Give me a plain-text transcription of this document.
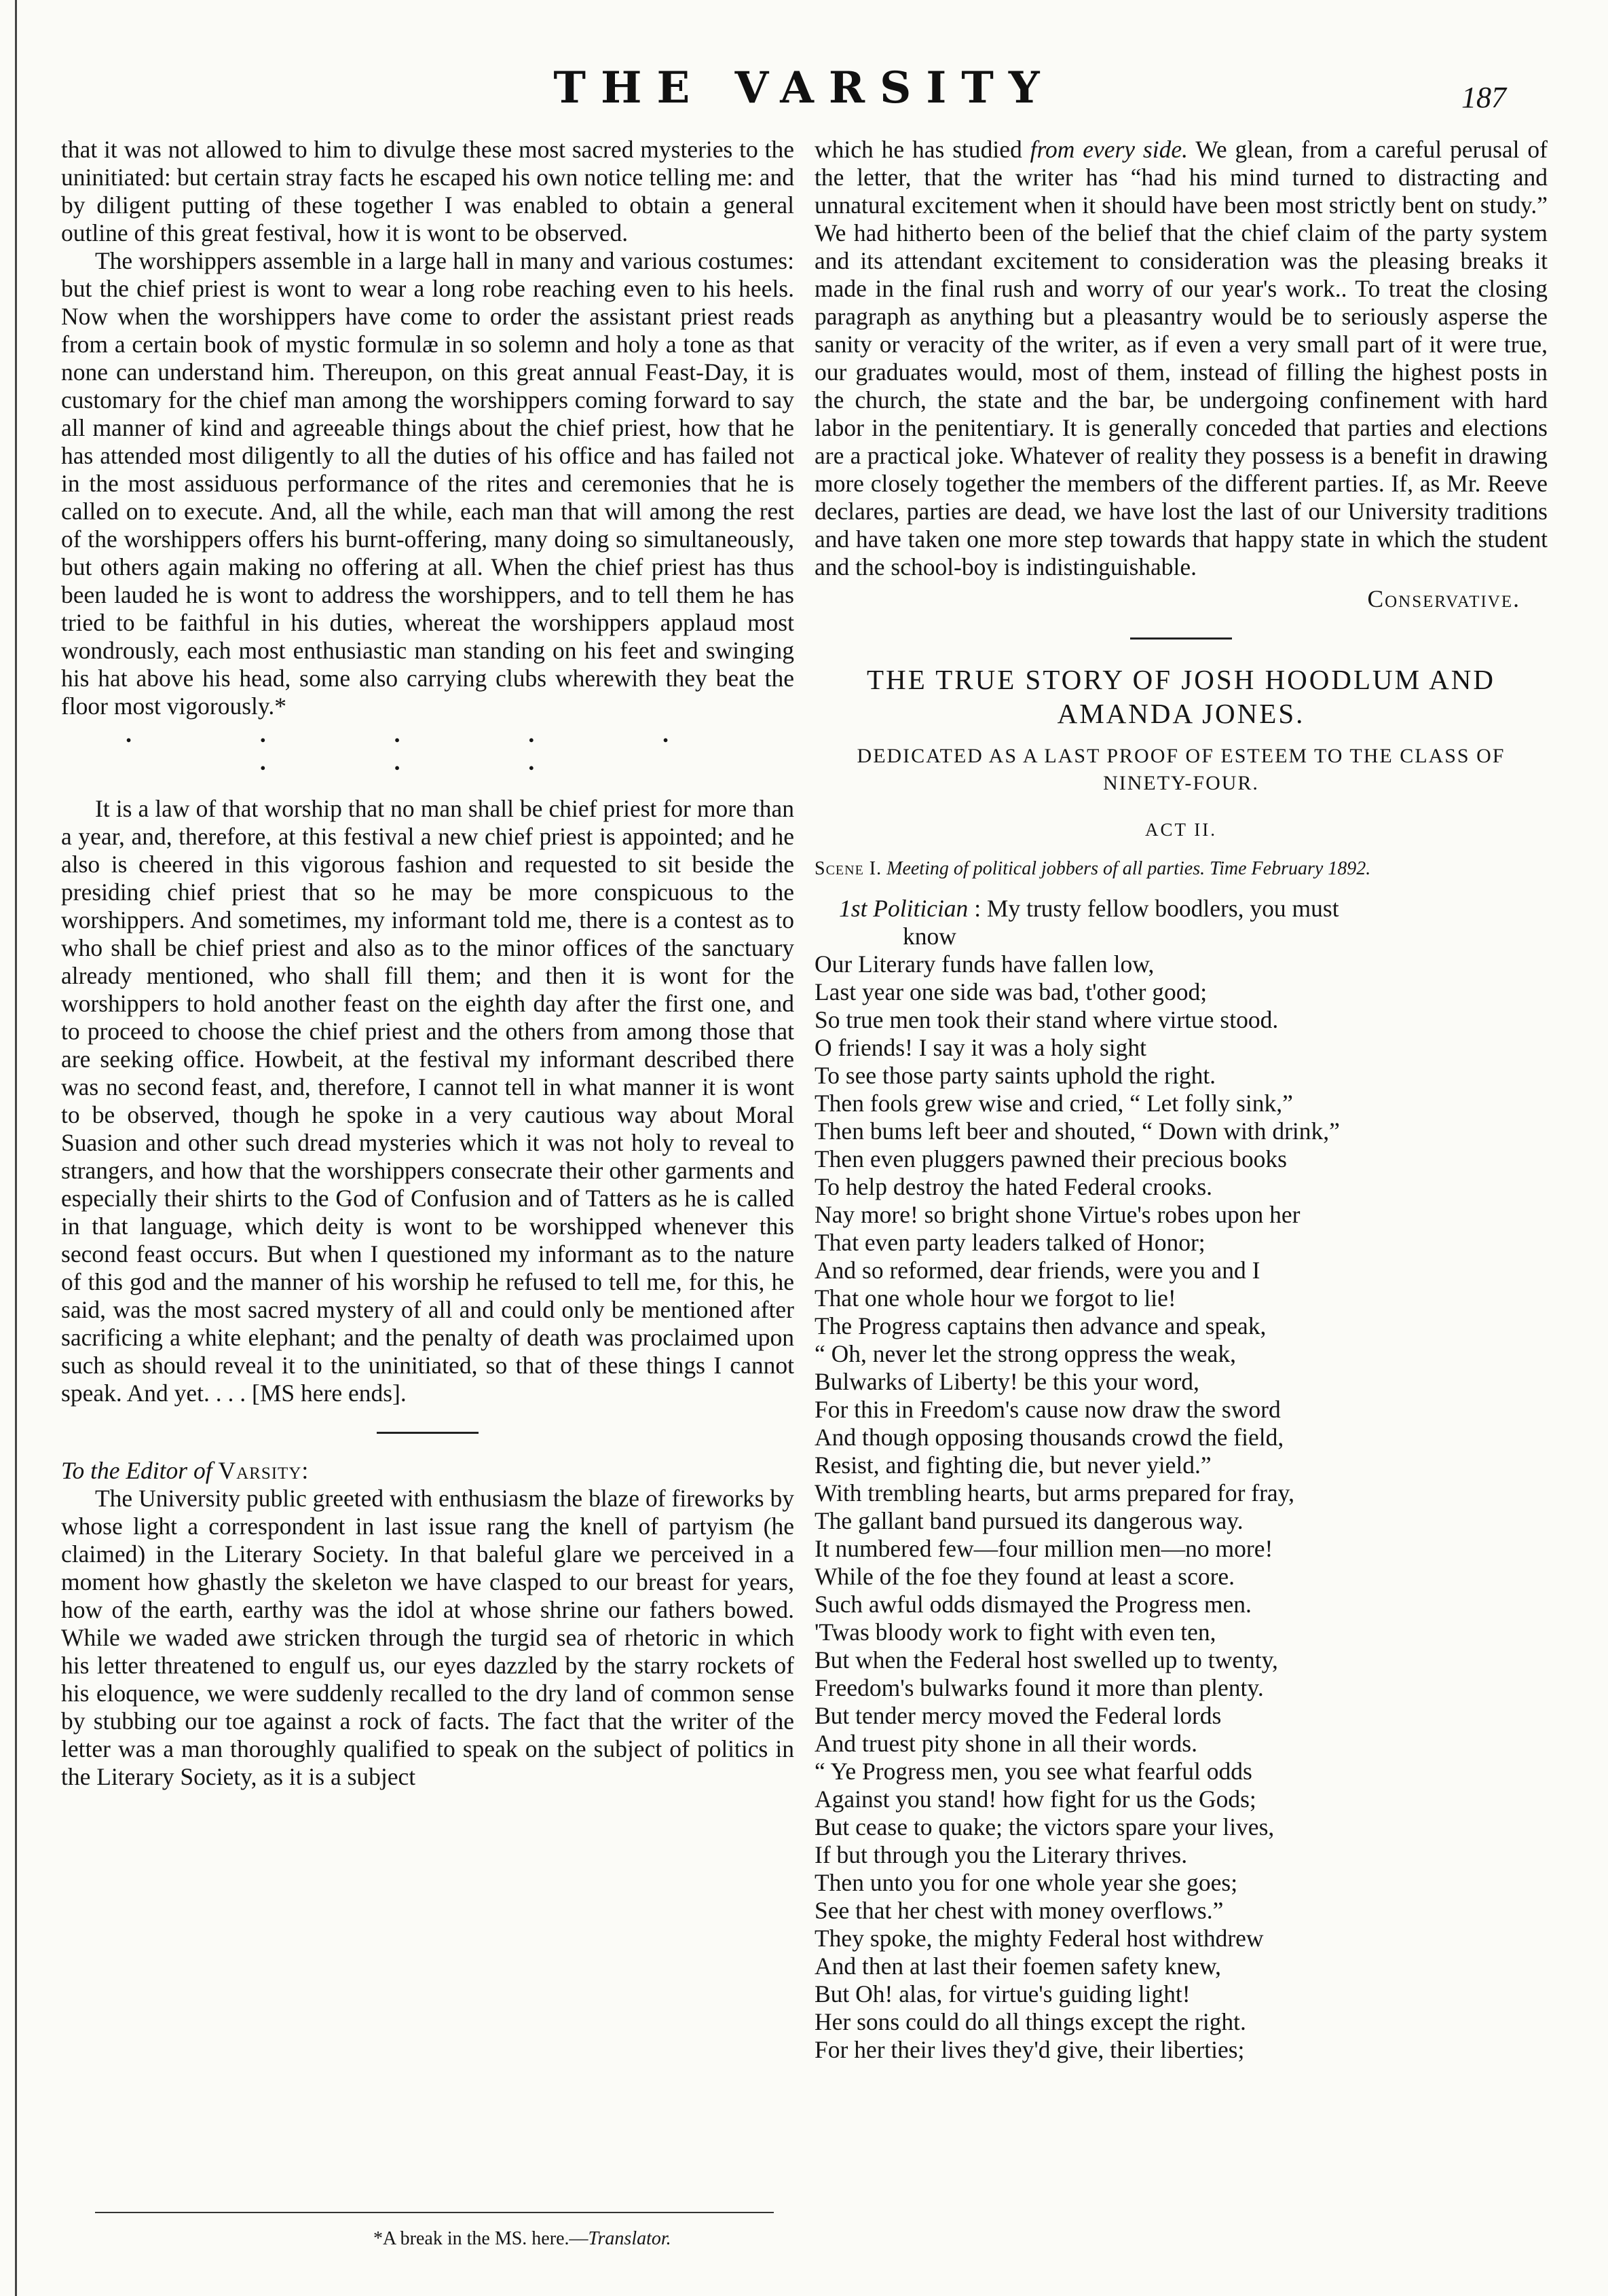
THE VARSITY	187

that it was not allowed to him to divulge these most sacred mysteries to the uninitiated: but certain stray facts he escaped his own notice telling me: and by diligent putting of these together I was enabled to obtain a general outline of this great festival, how it is wont to be observed.

The worshippers assemble in a large hall in many and various costumes: but the chief priest is wont to wear a long robe reaching even to his heels. Now when the worshippers have come to order the assistant priest reads from a certain book of mystic formulæ in so solemn and holy a tone as that none can understand him. Thereupon, on this great annual Feast-Day, it is customary for the chief man among the worshippers coming forward to say all manner of kind and agreeable things about the chief priest, how that he has attended most diligently to all the duties of his office and has failed not in the most assiduous performance of the rites and ceremonies that he is called on to execute. And, all the while, each man that will among the rest of the worshippers offers his burnt-offering, many doing so simultaneously, but others again making no offering at all. When the chief priest has thus been lauded he is wont to address the worshippers, and to tell them he has tried to be faithful in his duties, whereat the worshippers applaud most wondrously, each most enthusiastic man standing on his feet and swinging his hat above his head, some also carrying clubs wherewith they beat the floor most vigorously.*

. . . . . . . .

It is a law of that worship that no man shall be chief priest for more than a year, and, therefore, at this festival a new chief priest is appointed; and he also is cheered in this vigorous fashion and requested to sit beside the presiding chief priest that so he may be more conspicuous to the worshippers. And sometimes, my informant told me, there is a contest as to who shall be chief priest and also as to the minor offices of the sanctuary already mentioned, who shall fill them; and then it is wont for the worshippers to hold another feast on the eighth day after the first one, and to proceed to choose the chief priest and the others from among those that are seeking office. Howbeit, at the festival my informant described there was no second feast, and, therefore, I cannot tell in what manner it is wont to be observed, though he spoke in a very cautious way about Moral Suasion and other such dread mysteries which it was not holy to reveal to strangers, and how that the worshippers consecrate their other garments and especially their shirts to the God of Confusion and of Tatters as he is called in that language, which deity is wont to be worshipped whenever this second feast occurs. But when I questioned my informant as to the nature of this god and the manner of his worship he refused to tell me, for this, he said, was the most sacred mystery of all and could only be mentioned after sacrificing a white elephant; and the penalty of death was proclaimed upon such as should reveal it to the uninitiated, so that of these things I cannot speak. And yet. . . . [MS here ends].

To the Editor of Varsity:

The University public greeted with enthusiasm the blaze of fireworks by whose light a correspondent in last issue rang the knell of partyism (he claimed) in the Literary Society. In that baleful glare we perceived in a moment how ghastly the skeleton we have clasped to our breast for years, how of the earth, earthy was the idol at whose shrine our fathers bowed. While we waded awe stricken through the turgid sea of rhetoric in which his letter threatened to engulf us, our eyes dazzled by the starry rockets of his eloquence, we were suddenly recalled to the dry land of common sense by stubbing our toe against a rock of facts. The fact that the writer of the letter was a man thoroughly qualified to speak on the subject of politics in the Literary Society, as it is a subject

*A break in the MS. here.—Translator.

which he has studied from every side. We glean, from a careful perusal of the letter, that the writer has “had his mind turned to distracting and unnatural excitement when it should have been most strictly bent on study.” We had hitherto been of the belief that the chief claim of the party system and its attendant excitement to consideration was the pleasing breaks it made in the final rush and worry of our year's work.. To treat the closing paragraph as anything but a pleasantry would be to seriously asperse the sanity or veracity of the writer, as if even a very small part of it were true, our graduates would, most of them, instead of filling the highest posts in the church, the state and the bar, be undergoing confinement with hard labor in the penitentiary. It is generally conceded that parties and elections are a practical joke. Whatever of reality they possess is a benefit in drawing more closely together the members of the different parties. If, as Mr. Reeve declares, parties are dead, we have lost the last of our University traditions and have taken one more step towards that happy state in which the student and the school-boy is indistinguishable.

Conservative.

THE TRUE STORY OF JOSH HOODLUM AND AMANDA JONES.

DEDICATED AS A LAST PROOF OF ESTEEM TO THE CLASS OF NINETY-FOUR.

ACT II.

Scene I. Meeting of political jobbers of all parties. Time February 1892.

1st Politician : My trusty fellow boodlers, you must

know
Our Literary funds have fallen low,
Last year one side was bad, t'other good;
So true men took their stand where virtue stood.
O friends! I say it was a holy sight
To see those party saints uphold the right.
Then fools grew wise and cried, “ Let folly sink,”
Then bums left beer and shouted, “ Down with drink,”
Then even pluggers pawned their precious books
To help destroy the hated Federal crooks.
Nay more! so bright shone Virtue's robes upon her
That even party leaders talked of Honor;
And so reformed, dear friends, were you and I
That one whole hour we forgot to lie!
The Progress captains then advance and speak,
“ Oh, never let the strong oppress the weak,
Bulwarks of Liberty! be this your word,
For this in Freedom's cause now draw the sword
And though opposing thousands crowd the field,
Resist, and fighting die, but never yield.”
With trembling hearts, but arms prepared for fray,
The gallant band pursued its dangerous way.
It numbered few—four million men—no more!
While of the foe they found at least a score.
Such awful odds dismayed the Progress men.
'Twas bloody work to fight with even ten,
But when the Federal host swelled up to twenty,
Freedom's bulwarks found it more than plenty.
But tender mercy moved the Federal lords
And truest pity shone in all their words.
“ Ye Progress men, you see what fearful odds
Against you stand! how fight for us the Gods;
But cease to quake; the victors spare your lives,
If but through you the Literary thrives.
Then unto you for one whole year she goes;
See that her chest with money overflows.”
They spoke, the mighty Federal host withdrew
And then at last their foemen safety knew,
But Oh! alas, for virtue's guiding light!
Her sons could do all things except the right.
For her their lives they'd give, their liberties;
